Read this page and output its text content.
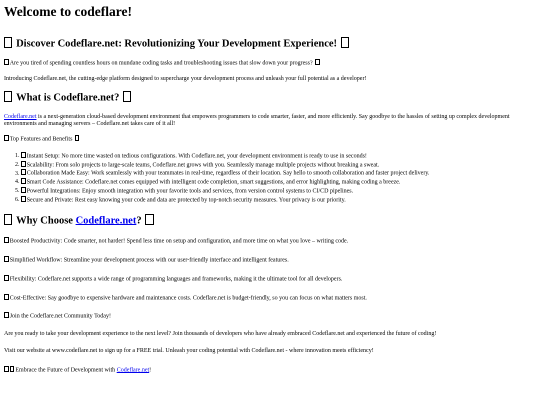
Welcome to codeflare!
Discover Codeflare.net: Revolutionizing Your Development Experience!

Are you tired of spending countless hours on mundane coding tasks and troubleshooting issues that slow down your progress?

Introducing Codeflare.net, the cutting-edge platform designed to supercharge your development process and unleash your full potential as a developer!

What is Codeflare.net?

Codeflare.net is a next-generation cloud-based development environment that empowers programmers to code smarter, faster, and more efficiently. Say goodbye to the hassles of setting up complex development environments and managing servers – Codeflare.net takes care of it all!

Top Features and Benefits

1. Instant Setup: No more time wasted on tedious configurations. With Codeflare.net, your development environment is ready to use in seconds!
2. Scalability: From solo projects to large-scale teams, Codeflare.net grows with you. Seamlessly manage multiple projects without breaking a sweat.
3. Collaboration Made Easy: Work seamlessly with your teammates in real-time, regardless of their location. Say hello to smooth collaboration and faster project delivery.
4. Smart Code Assistance: Codeflare.net comes equipped with intelligent code completion, smart suggestions, and error highlighting, making coding a breeze.
5. Powerful Integrations: Enjoy smooth integration with your favorite tools and services, from version control systems to CI/CD pipelines.
6. Secure and Private: Rest easy knowing your code and data are protected by top-notch security measures. Your privacy is our priority.
Why Choose Codeflare.net?

Boosted Productivity: Code smarter, not harder! Spend less time on setup and configuration, and more time on what you love – writing code.

Simplified Workflow: Streamline your development process with our user-friendly interface and intelligent features.

Flexibility: Codeflare.net supports a wide range of programming languages and frameworks, making it the ultimate tool for all developers.

Cost-Effective: Say goodbye to expensive hardware and maintenance costs. Codeflare.net is budget-friendly, so you can focus on what matters most.

Join the Codeflare.net Community Today!

Are you ready to take your development experience to the next level? Join thousands of developers who have already embraced Codeflare.net and experienced the future of coding!

Visit our website at www.codeflare.net to sign up for a FREE trial. Unleash your coding potential with Codeflare.net - where innovation meets efficiency!

Embrace the Future of Development with Codeflare.net!
